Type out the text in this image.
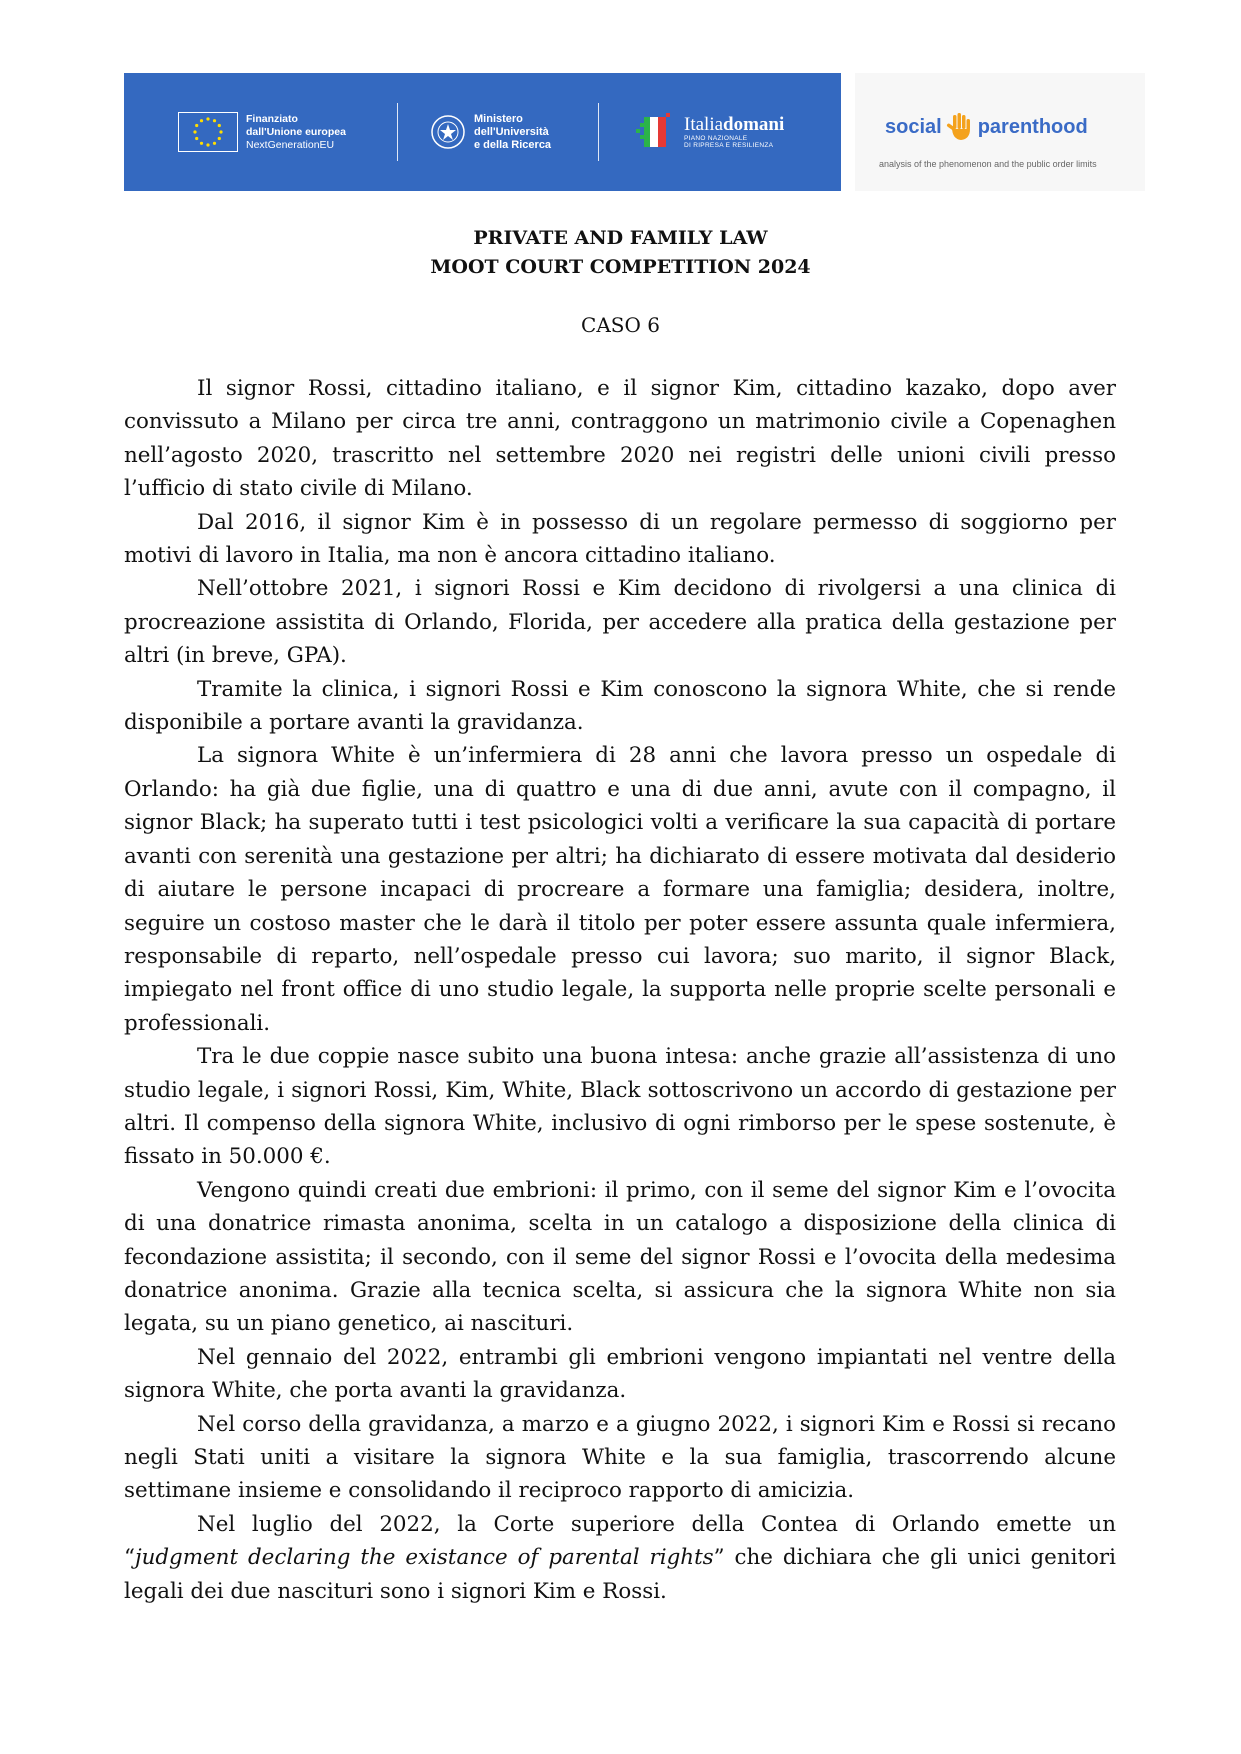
Finanziato
dall'Unione europea
NextGenerationEU
Ministero
dell'Università
e della Ricerca
Italiadomani
PIANO NAZIONALE
DI RIPRESA E RESILIENZA
social parenthood
analysis of the phenomenon and the public order limits
PRIVATE AND FAMILY LAW
MOOT COURT COMPETITION 2024
CASO 6

Il signor Rossi, cittadino italiano, e il signor Kim, cittadino kazako, dopo aver convissuto a Milano per circa tre anni, contraggono un matrimonio civile a Copenaghen nell’agosto 2020, trascritto nel settembre 2020 nei registri delle unioni civili presso l’ufficio di stato civile di Milano.

Dal 2016, il signor Kim è in possesso di un regolare permesso di soggiorno per motivi di lavoro in Italia, ma non è ancora cittadino italiano.

Nell’ottobre 2021, i signori Rossi e Kim decidono di rivolgersi a una clinica di procreazione assistita di Orlando, Florida, per accedere alla pratica della gestazione per altri (in breve, GPA).

Tramite la clinica, i signori Rossi e Kim conoscono la signora White, che si rende disponibile a portare avanti la gravidanza.

La signora White è un’infermiera di 28 anni che lavora presso un ospedale di Orlando: ha già due figlie, una di quattro e una di due anni, avute con il compagno, il signor Black; ha superato tutti i test psicologici volti a verificare la sua capacità di portare avanti con serenità una gestazione per altri; ha dichiarato di essere motivata dal desiderio di aiutare le persone incapaci di procreare a formare una famiglia; desidera, inoltre, seguire un costoso master che le darà il titolo per poter essere assunta quale infermiera, responsabile di reparto, nell’ospedale presso cui lavora; suo marito, il signor Black, impiegato nel front office di uno studio legale, la supporta nelle proprie scelte personali e professionali.

Tra le due coppie nasce subito una buona intesa: anche grazie all’assistenza di uno studio legale, i signori Rossi, Kim, White, Black sottoscrivono un accordo di gestazione per altri. Il compenso della signora White, inclusivo di ogni rimborso per le spese sostenute, è fissato in 50.000 €.

Vengono quindi creati due embrioni: il primo, con il seme del signor Kim e l’ovocita di una donatrice rimasta anonima, scelta in un catalogo a disposizione della clinica di fecondazione assistita; il secondo, con il seme del signor Rossi e l’ovocita della medesima donatrice anonima. Grazie alla tecnica scelta, si assicura che la signora White non sia legata, su un piano genetico, ai nascituri.

Nel gennaio del 2022, entrambi gli embrioni vengono impiantati nel ventre della signora White, che porta avanti la gravidanza.

Nel corso della gravidanza, a marzo e a giugno 2022, i signori Kim e Rossi si recano negli Stati uniti a visitare la signora White e la sua famiglia, trascorrendo alcune settimane insieme e consolidando il reciproco rapporto di amicizia.

Nel luglio del 2022, la Corte superiore della Contea di Orlando emette un “judgment declaring the existance of parental rights” che dichiara che gli unici genitori legali dei due nascituri sono i signori Kim e Rossi.
